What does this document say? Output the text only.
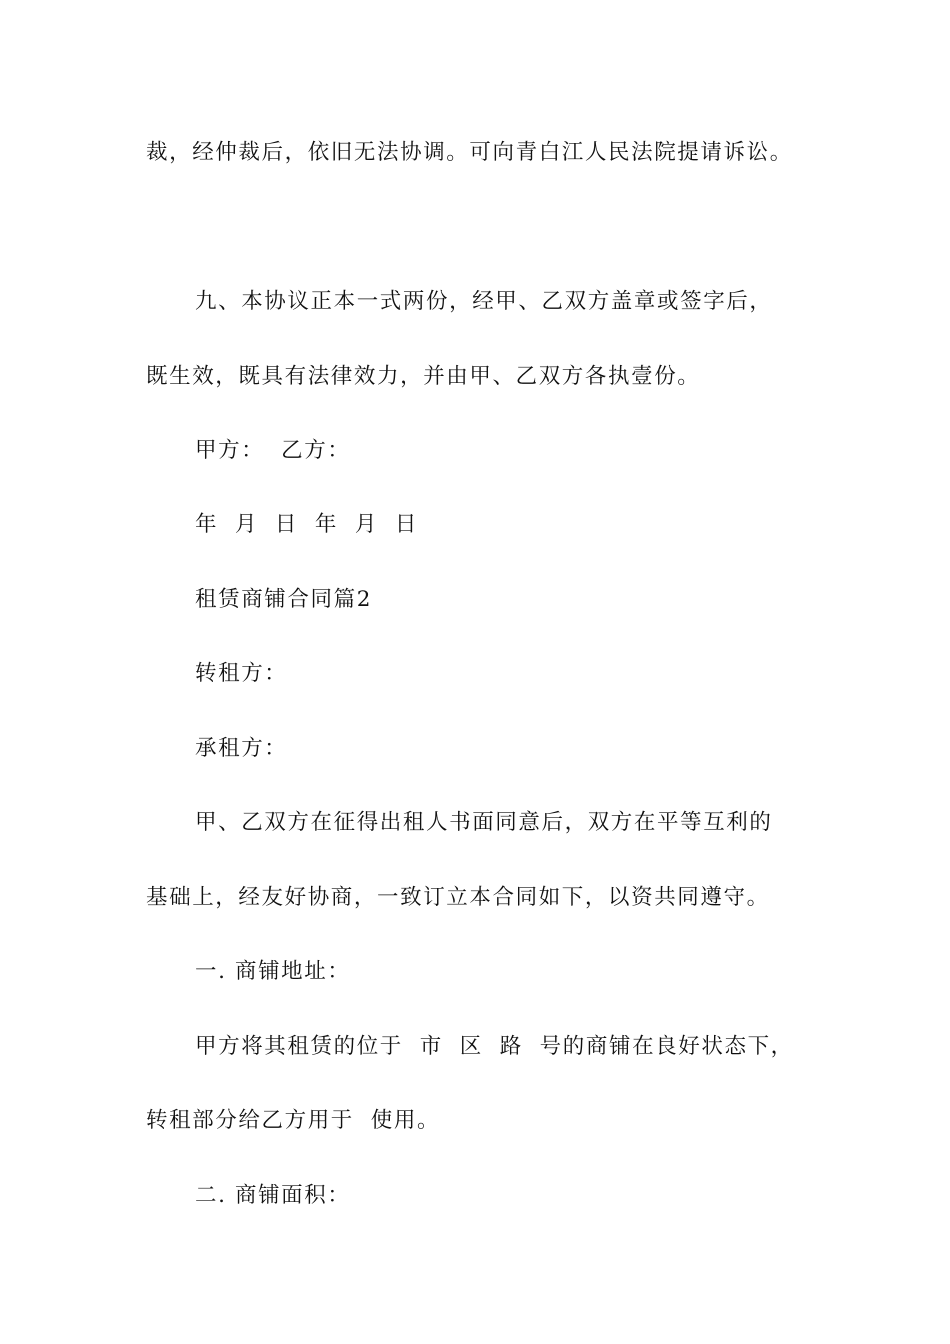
裁，经仲裁后，依旧无法协调。可向青白江人民法院提请诉讼。
九、本协议正本一式两份，经甲、乙双方盖章或签字后，
既生效，既具有法律效力，并由甲、乙双方各执壹份。
甲方：  乙方：
年  月  日  年  月  日
租赁商铺合同篇2
转租方：
承租方：
甲、乙双方在征得出租人书面同意后，双方在平等互利的
基础上，经友好协商，一致订立本合同如下，以资共同遵守。
一. 商铺地址：
甲方将其租赁的位于  市  区  路  号的商铺在良好状态下，
转租部分给乙方用于  使用。
二. 商铺面积：
